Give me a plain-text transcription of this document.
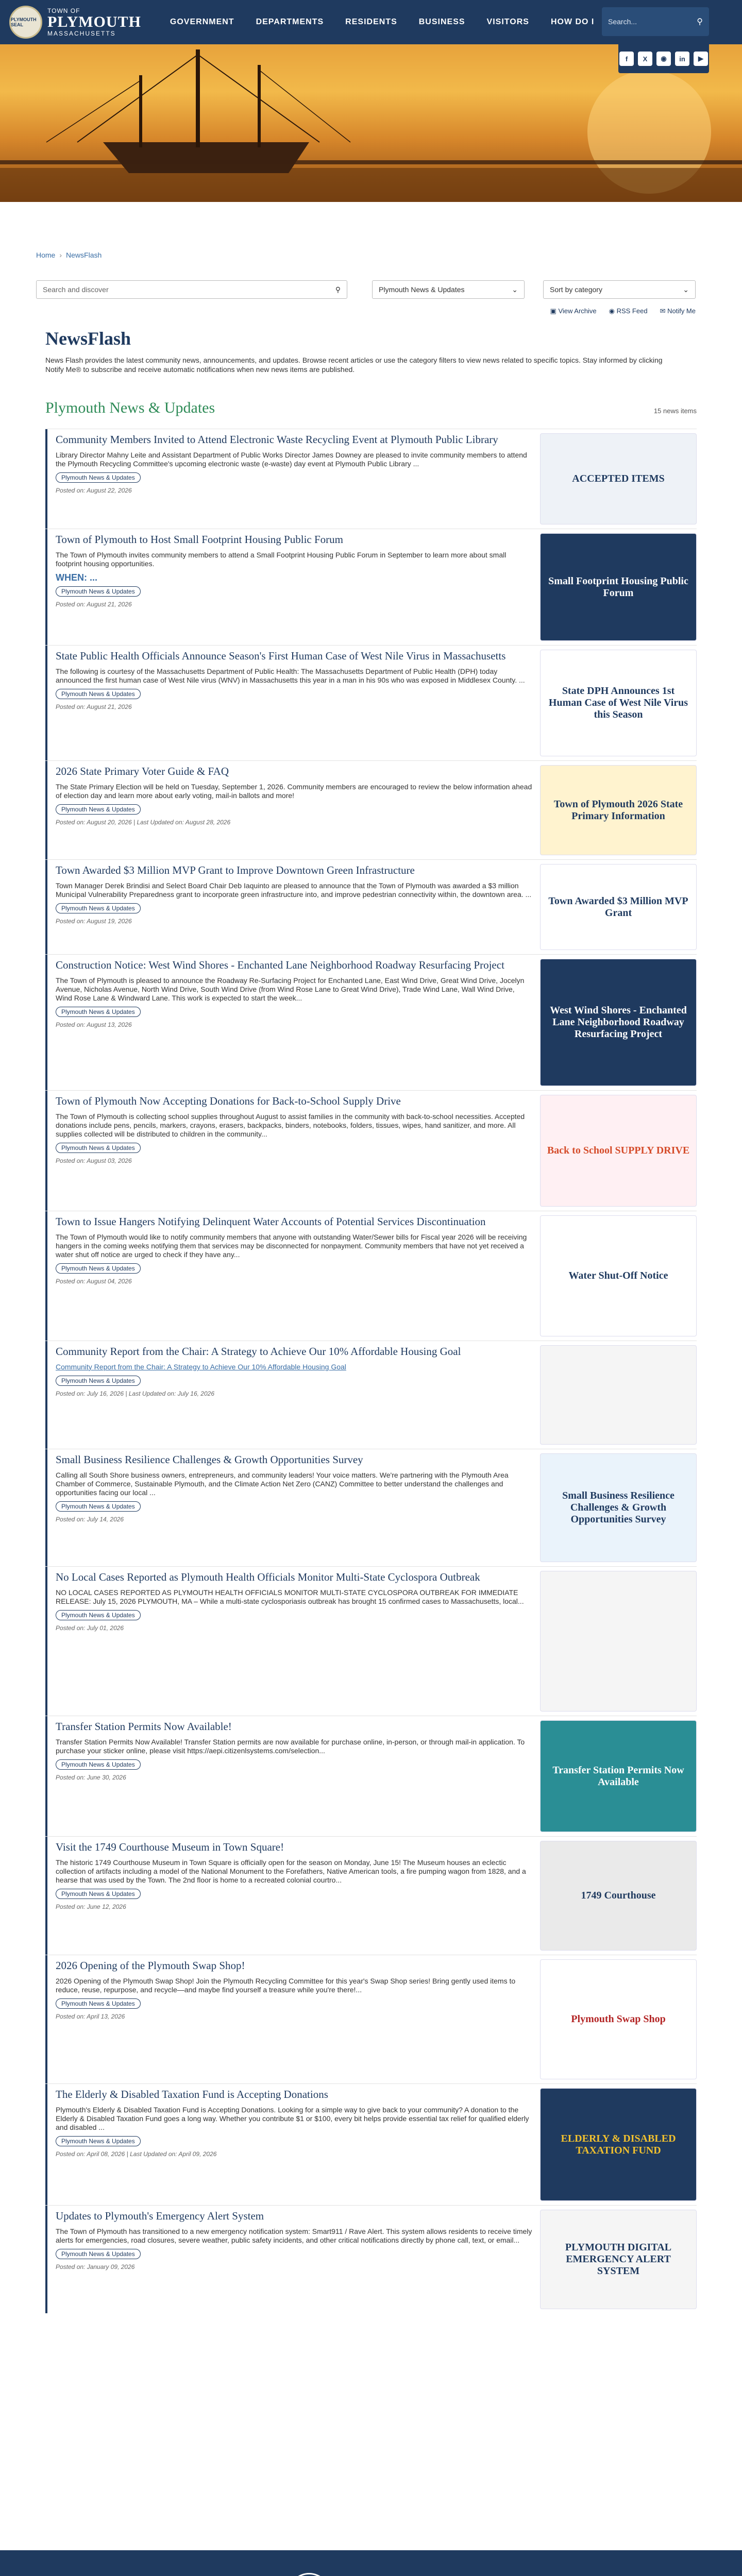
PLYMOUTH SEAL
TOWN OF
PLYMOUTH
MASSACHUSETTS
GOVERNMENT	DEPARTMENTS	RESIDENTS	BUSINESS	VISITORS	HOW DO I Search...	⚲
f	X	◉	in	▶
Home › NewsFlash
Search and discover	⚲	Plymouth News & Updates	⌄	Sort by category	⌄
▣ View Archive ◉ RSS Feed ✉ Notify Me
NewsFlash
News Flash provides the latest community news, announcements, and updates. Browse recent articles or use the category filters to view news related to specific topics. Stay informed by clicking Notify Me® to subscribe and receive automatic notifications when new news items are published.
Plymouth News & Updates	15 news items
Community Members Invited to Attend Electronic Waste Recycling Event at Plymouth Public Library

Library Director Mahny Leite and Assistant Department of Public Works Director James Downey are pleased to invite community members to attend the Plymouth Recycling Committee's upcoming electronic waste (e-waste) day event at Plymouth Public Library ...

Plymouth News & Updates
Posted on: August 22, 2026
ACCEPTED ITEMS
Town of Plymouth to Host Small Footprint Housing Public Forum

The Town of Plymouth invites community members to attend a Small Footprint Housing Public Forum in September to learn more about small footprint housing opportunities.

WHEN: ...

Plymouth News & Updates
Posted on: August 21, 2026
Small Footprint Housing Public Forum
State Public Health Officials Announce Season's First Human Case of West Nile Virus in Massachusetts

The following is courtesy of the Massachusetts Department of Public Health: The Massachusetts Department of Public Health (DPH) today announced the first human case of West Nile virus (WNV) in Massachusetts this year in a man in his 90s who was exposed in Middlesex County. ...

Plymouth News & Updates
Posted on: August 21, 2026
State DPH Announces 1st Human Case of West Nile Virus this Season
2026 State Primary Voter Guide & FAQ

The State Primary Election will be held on Tuesday, September 1, 2026. Community members are encouraged to review the below information ahead of election day and learn more about early voting, mail-in ballots and more!

Plymouth News & Updates
Posted on: August 20, 2026 | Last Updated on: August 28, 2026
Town of Plymouth 2026 State Primary Information
Town Awarded $3 Million MVP Grant to Improve Downtown Green Infrastructure

Town Manager Derek Brindisi and Select Board Chair Deb Iaquinto are pleased to announce that the Town of Plymouth was awarded a $3 million Municipal Vulnerability Preparedness grant to incorporate green infrastructure into, and improve pedestrian connectivity within, the downtown area. ...

Plymouth News & Updates
Posted on: August 19, 2026
Town Awarded $3 Million MVP Grant
Construction Notice: West Wind Shores - Enchanted Lane Neighborhood Roadway Resurfacing Project

The Town of Plymouth is pleased to announce the Roadway Re-Surfacing Project for Enchanted Lane, East Wind Drive, Great Wind Drive, Jocelyn Avenue, Nicholas Avenue, North Wind Drive, South Wind Drive (from Wind Rose Lane to Great Wind Drive), Trade Wind Lane, Wall Wind Drive, Wind Rose Lane & Windward Lane. This work is expected to start the week...

Plymouth News & Updates
Posted on: August 13, 2026
West Wind Shores - Enchanted Lane Neighborhood Roadway Resurfacing Project
Town of Plymouth Now Accepting Donations for Back-to-School Supply Drive

The Town of Plymouth is collecting school supplies throughout August to assist families in the community with back-to-school necessities. Accepted donations include pens, pencils, markers, crayons, erasers, backpacks, binders, notebooks, folders, tissues, wipes, hand sanitizer, and more. All supplies collected will be distributed to children in the community...

Plymouth News & Updates
Posted on: August 03, 2026
Back to School SUPPLY DRIVE
Town to Issue Hangers Notifying Delinquent Water Accounts of Potential Services Discontinuation

The Town of Plymouth would like to notify community members that anyone with outstanding Water/Sewer bills for Fiscal year 2026 will be receiving hangers in the coming weeks notifying them that services may be disconnected for nonpayment. Community members that have not yet received a water shut off notice are urged to check if they have any...

Plymouth News & Updates
Posted on: August 04, 2026	Water Shut-Off Notice
Community Report from the Chair: A Strategy to Achieve Our 10% Affordable Housing Goal

Community Report from the Chair: A Strategy to Achieve Our 10% Affordable Housing Goal

Plymouth News & Updates
Posted on: July 16, 2026 | Last Updated on: July 16, 2026
Small Business Resilience Challenges & Growth Opportunities Survey

Calling all South Shore business owners, entrepreneurs, and community leaders! Your voice matters. We're partnering with the Plymouth Area Chamber of Commerce, Sustainable Plymouth, and the Climate Action Net Zero (CANZ) Committee to better understand the challenges and opportunities facing our local ...

Plymouth News & Updates
Posted on: July 14, 2026
Small Business Resilience Challenges & Growth Opportunities Survey
No Local Cases Reported as Plymouth Health Officials Monitor Multi-State Cyclospora Outbreak

NO LOCAL CASES REPORTED AS PLYMOUTH HEALTH OFFICIALS MONITOR MULTI-STATE CYCLOSPORA OUTBREAK FOR IMMEDIATE RELEASE: July 15, 2026 PLYMOUTH, MA – While a multi-state cyclosporiasis outbreak has brought 15 confirmed cases to Massachusetts, local...

Plymouth News & Updates
Posted on: July 01, 2026
Transfer Station Permits Now Available!

Transfer Station Permits Now Available! Transfer Station permits are now available for purchase online, in-person, or through mail-in application. To purchase your sticker online, please visit https://aepi.citizenlsystems.com/selection...

Plymouth News & Updates
Posted on: June 30, 2026
Transfer Station Permits Now Available
Visit the 1749 Courthouse Museum in Town Square!

The historic 1749 Courthouse Museum in Town Square is officially open for the season on Monday, June 15! The Museum houses an eclectic collection of artifacts including a model of the National Monument to the Forefathers, Native American tools, a fire pumping wagon from 1828, and a hearse that was used by the Town. The 2nd floor is home to a recreated colonial courtro...

Plymouth News & Updates
Posted on: June 12, 2026
1749 Courthouse
2026 Opening of the Plymouth Swap Shop!

2026 Opening of the Plymouth Swap Shop! Join the Plymouth Recycling Committee for this year's Swap Shop series! Bring gently used items to reduce, reuse, repurpose, and recycle—and maybe find yourself a treasure while you're there!...

Plymouth News & Updates
Posted on: April 13, 2026	Plymouth Swap Shop
The Elderly & Disabled Taxation Fund is Accepting Donations

Plymouth's Elderly & Disabled Taxation Fund is Accepting Donations. Looking for a simple way to give back to your community? A donation to the Elderly & Disabled Taxation Fund goes a long way. Whether you contribute $1 or $100, every bit helps provide essential tax relief for qualified elderly and disabled ...

Plymouth News & Updates
Posted on: April 08, 2026 | Last Updated on: April 09, 2026
ELDERLY & DISABLED TAXATION FUND
Updates to Plymouth's Emergency Alert System

The Town of Plymouth has transitioned to a new emergency notification system: Smart911 / Rave Alert. This system allows residents to receive timely alerts for emergencies, road closures, severe weather, public safety incidents, and other critical notifications directly by phone call, text, or email...

Plymouth News & Updates
Posted on: January 09, 2026
PLYMOUTH DIGITAL EMERGENCY ALERT SYSTEM
